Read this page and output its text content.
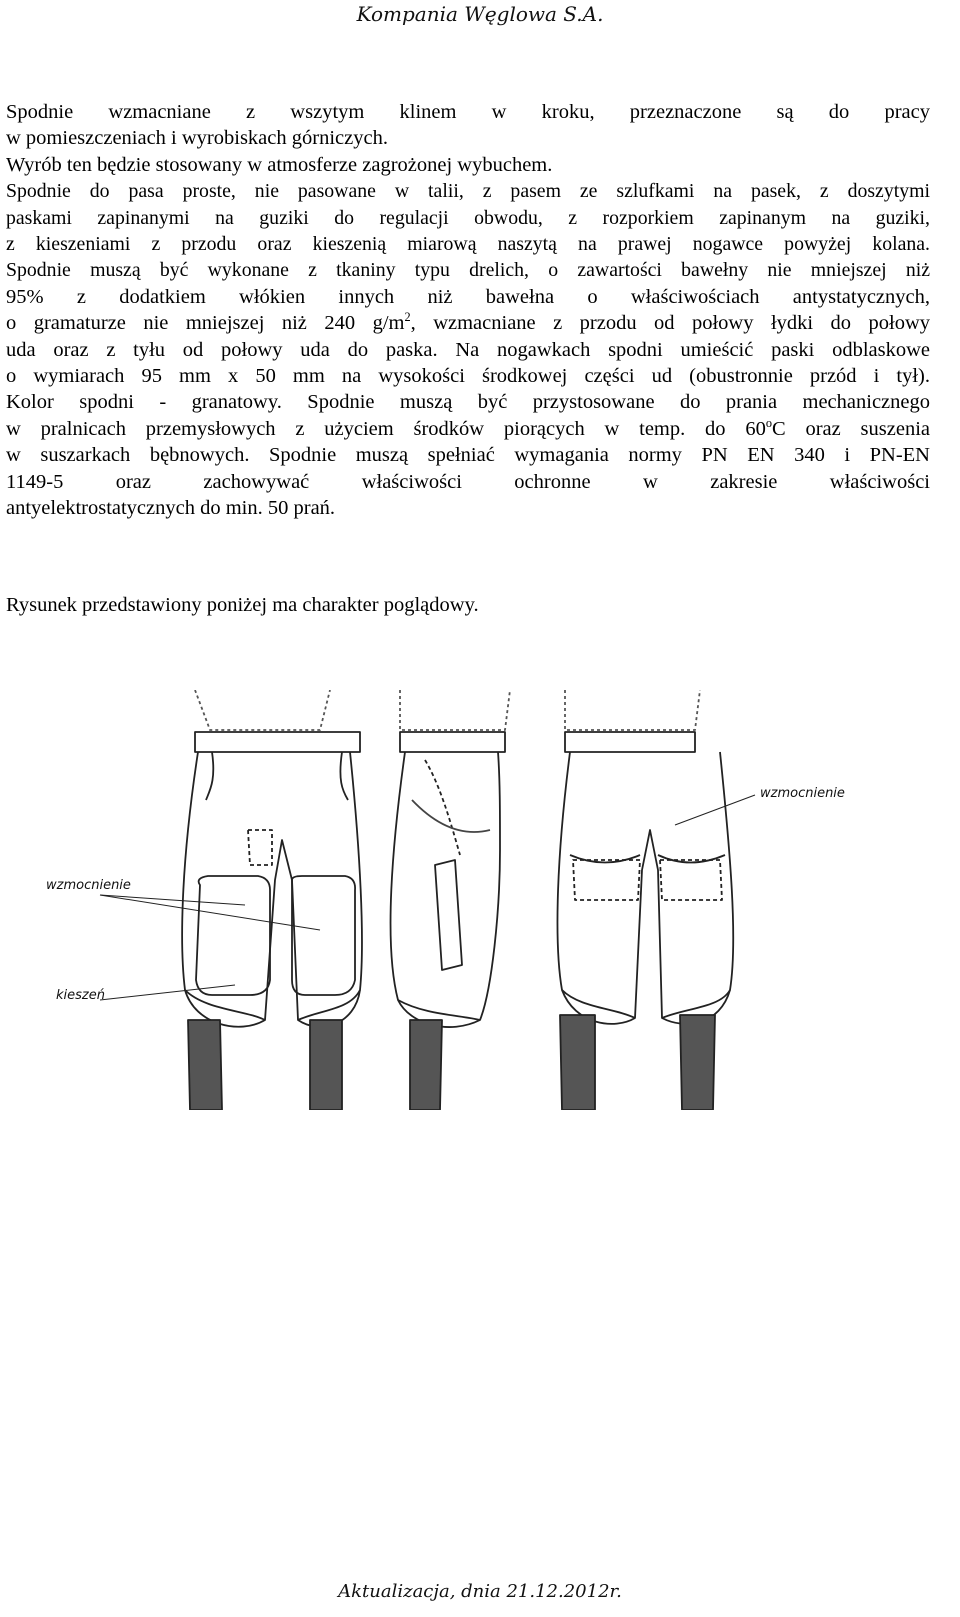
Kompania Węglowa S.A.
Spodnie wzmacniane z wszytym klinem w kroku, przeznaczone są do pracy
w pomieszczeniach i wyrobiskach górniczych.
Wyrób ten będzie stosowany w atmosferze zagrożonej wybuchem.
Spodnie do pasa proste, nie pasowane w talii, z pasem ze szlufkami na pasek, z doszytymi
paskami zapinanymi na guziki do regulacji obwodu, z rozporkiem zapinanym na guziki,
z kieszeniami z przodu oraz kieszenią miarową naszytą na prawej nogawce powyżej kolana.
Spodnie muszą być wykonane z tkaniny typu drelich, o zawartości bawełny nie mniejszej niż
95% z dodatkiem włókien innych niż bawełna o właściwościach antystatycznych,
o gramaturze nie mniejszej niż 240 $g/m^2$, wzmacniane z przodu od połowy łydki do połowy
uda oraz z tyłu od połowy uda do paska. Na nogawkach spodni umieścić paski odblaskowe
o wymiarach 95 mm x 50 mm na wysokości środkowej części ud (obustronnie przód i tył).
Kolor spodni - granatowy. Spodnie muszą być przystosowane do prania mechanicznego
w pralnicach przemysłowych z użyciem środków piorących w temp. do 60$^o$C oraz suszenia
w suszarkach bębnowych. Spodnie muszą spełniać wymagania normy PN EN 340 i PN-EN
1149-5 oraz zachowywać właściwości ochronne w zakresie właściwości
antyelektrostatycznych do min. 50 prań.
Rysunek przedstawiony poniżej ma charakter poglądowy.
wzmocnienie
kieszeń
wzmocnienie
Aktualizacja, dnia 21.12.2012r.
